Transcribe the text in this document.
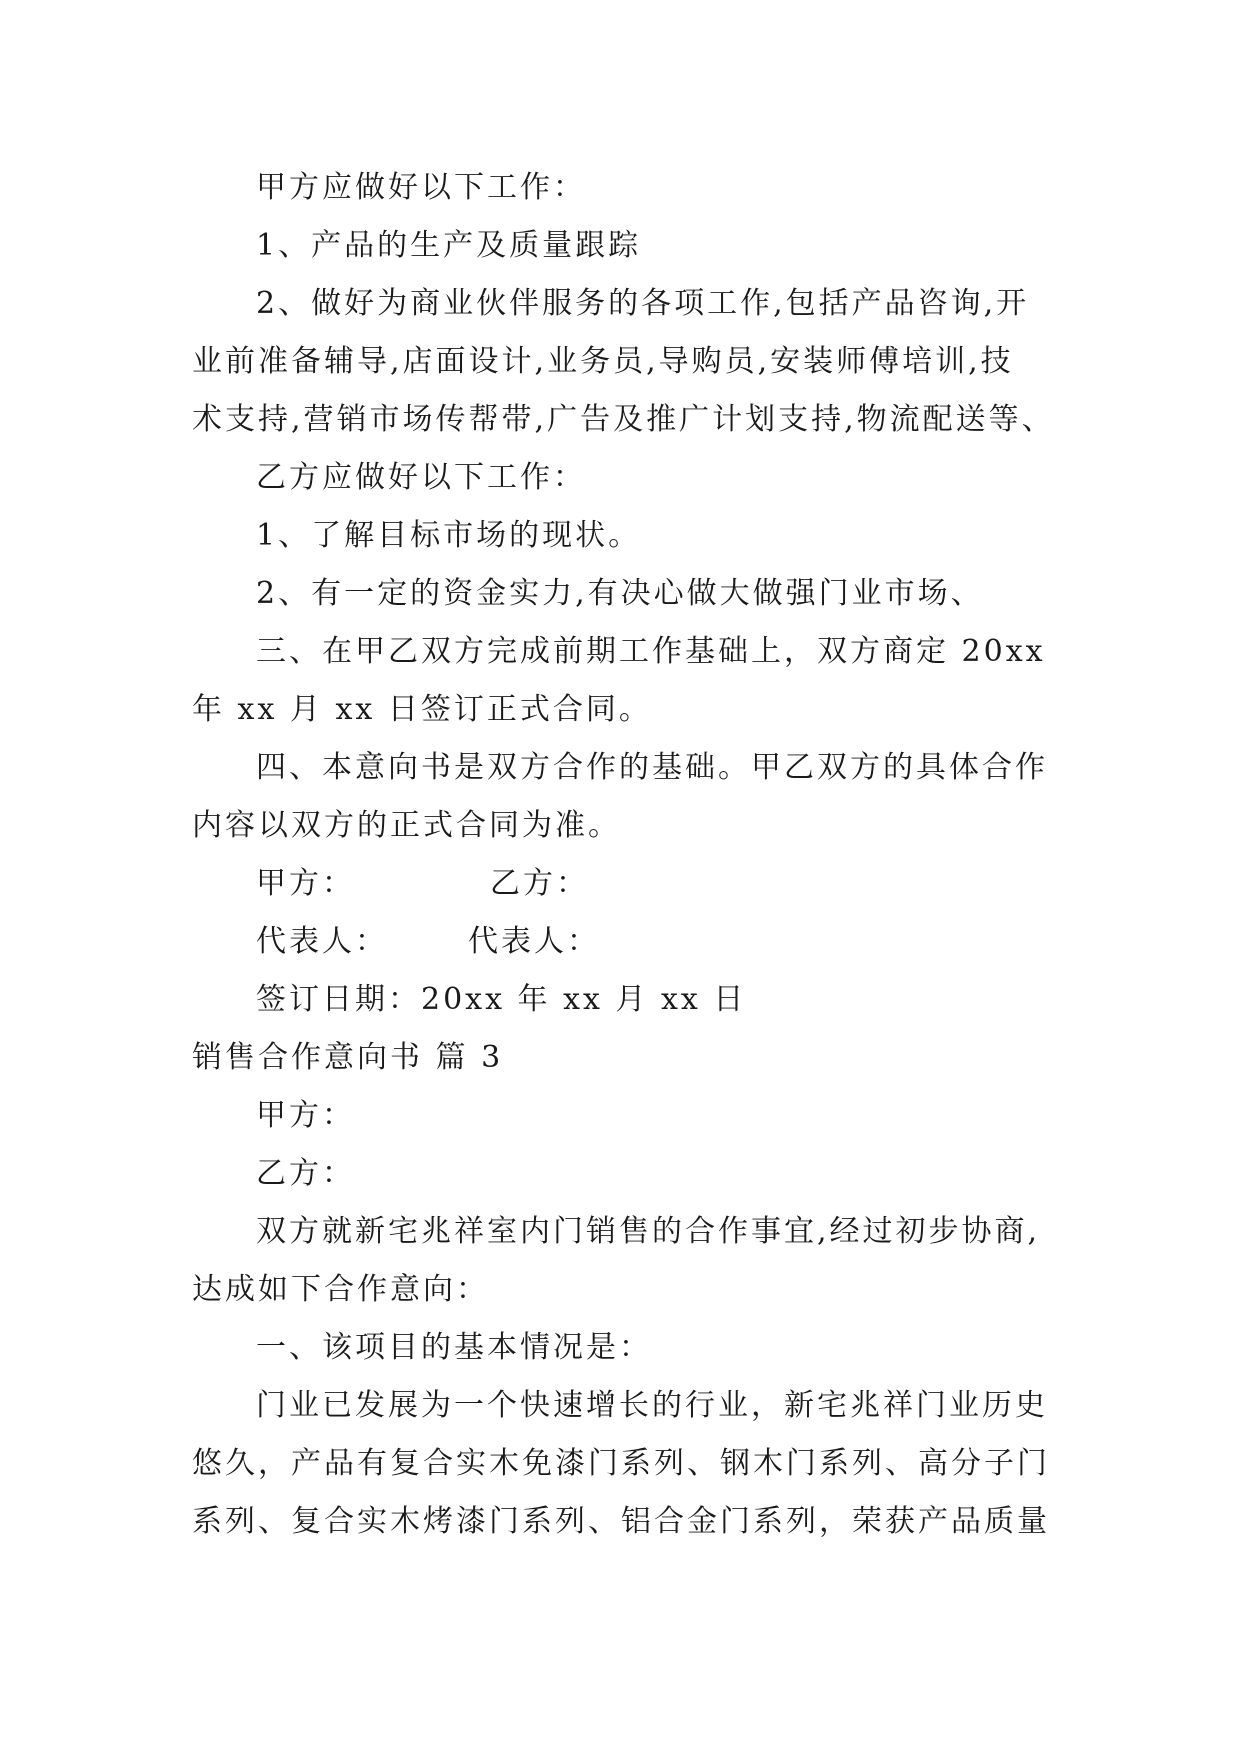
甲方应做好以下工作：
1、产品的生产及质量跟踪
2、做好为商业伙伴服务的各项工作,包括产品咨询,开
业前准备辅导,店面设计,业务员,导购员,安装师傅培训,技
术支持,营销市场传帮带,广告及推广计划支持,物流配送等、
乙方应做好以下工作：
1、了解目标市场的现状。
2、有一定的资金实力,有决心做大做强门业市场、
三、在甲乙双方完成前期工作基础上，双方商定 20xx
年 xx 月 xx 日签订正式合同。
四、本意向书是双方合作的基础。甲乙双方的具体合作
内容以双方的正式合同为准。
甲方：	乙方：
代表人：	代表人：
签订日期：20xx 年 xx 月 xx 日
销售合作意向书 篇 3
甲方：
乙方：
双方就新宅兆祥室内门销售的合作事宜,经过初步协商,
达成如下合作意向：
一、该项目的基本情况是：
门业已发展为一个快速增长的行业，新宅兆祥门业历史
悠久，产品有复合实木免漆门系列、钢木门系列、高分子门
系列、复合实木烤漆门系列、铝合金门系列，荣获产品质量
